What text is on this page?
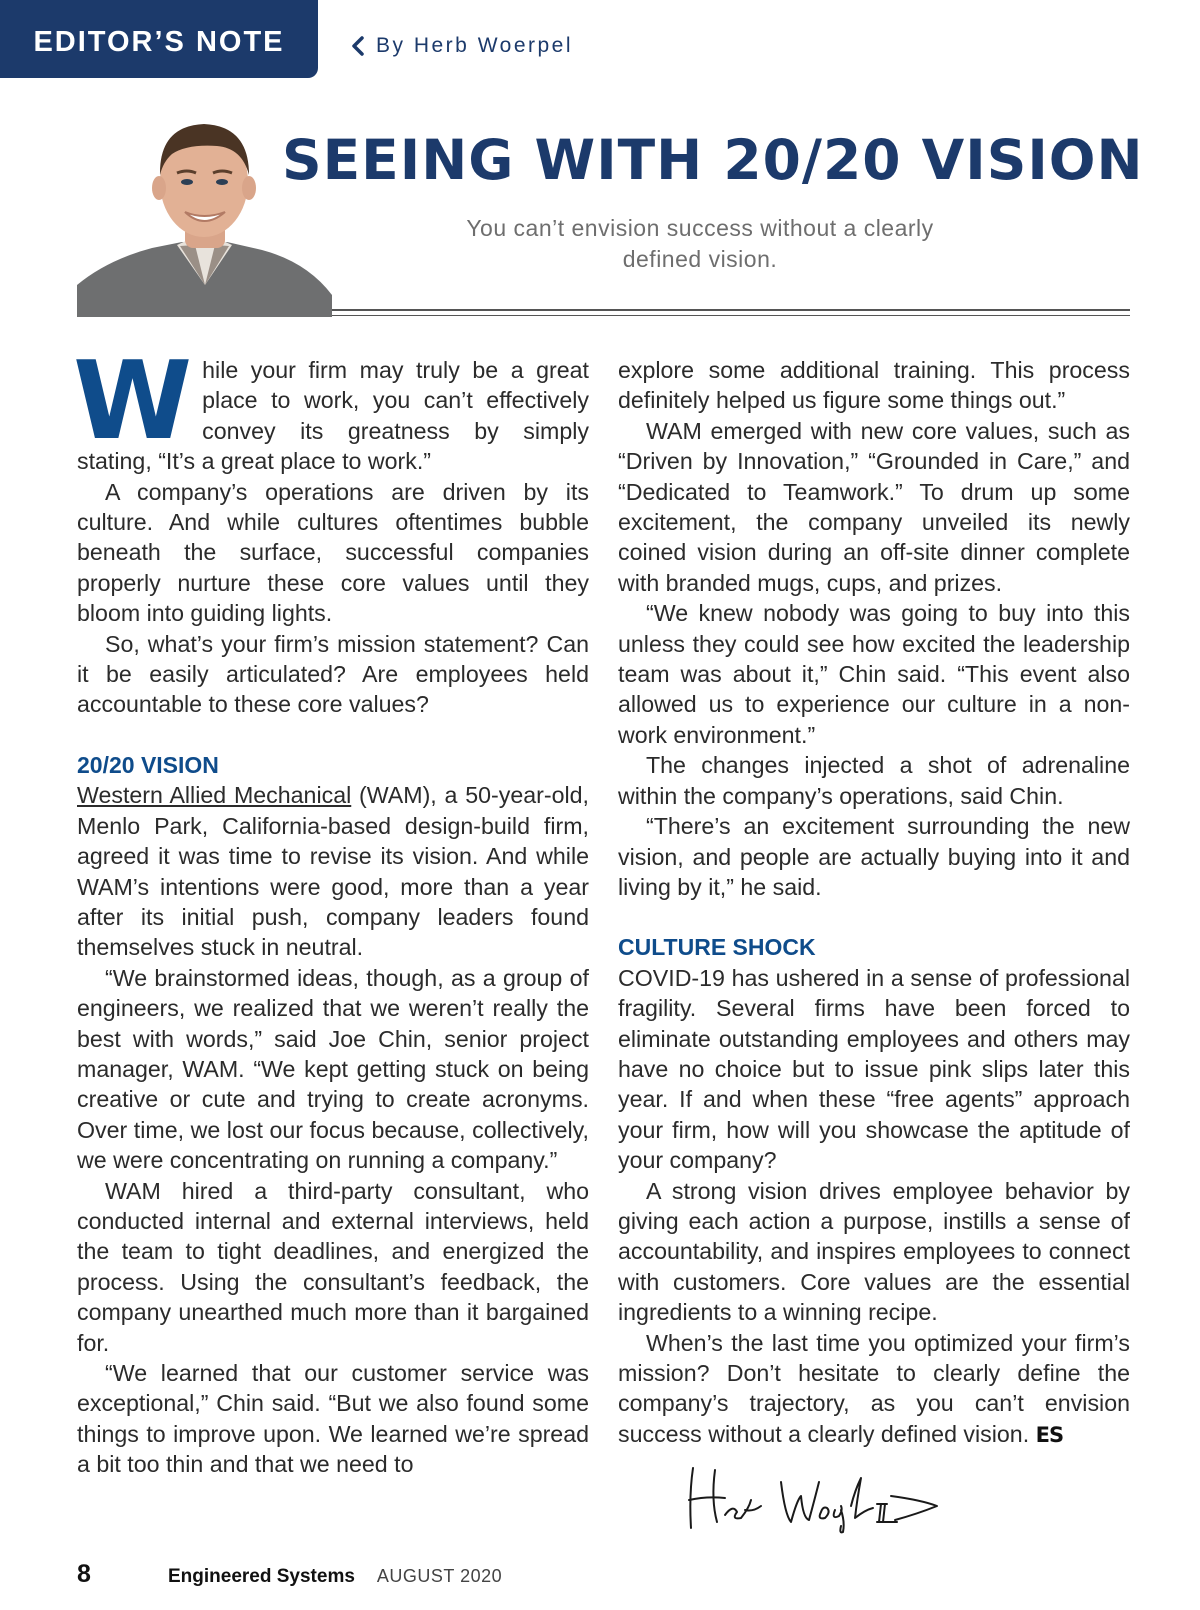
EDITOR’S NOTE	By Herb Woerpel
SEEING WITH 20/20 VISION
You can’t envision success without a clearly defined vision.

While your firm may truly be a great place to work, you can’t effectively convey its greatness by simply stating, “It’s a great place to work.”

A company’s operations are driven by its culture. And while cultures oftentimes bubble beneath the surface, successful companies properly nurture these core values until they bloom into guiding lights.

So, what’s your firm’s mission statement? Can it be easily articulated? Are employees held accountable to these core values?

20/20 VISION

Western Allied Mechanical (WAM), a 50-year-old, Menlo Park, California-based design-build firm, agreed it was time to revise its vision. And while WAM’s intentions were good, more than a year after its initial push, company leaders found themselves stuck in neutral.

“We brainstormed ideas, though, as a group of engineers, we realized that we weren’t really the best with words,” said Joe Chin, senior project manager, WAM. “We kept getting stuck on being creative or cute and trying to create acronyms. Over time, we lost our focus because, collectively, we were concentrating on running a company.”

WAM hired a third-party consultant, who conducted internal and external interviews, held the team to tight deadlines, and energized the process. Using the consultant’s feedback, the company unearthed much more than it bargained for.

“We learned that our customer service was exceptional,” Chin said. “But we also found some things to improve upon. We learned we’re spread a bit too thin and that we need to

explore some additional training. This process definitely helped us figure some things out.”

WAM emerged with new core values, such as “Driven by Innovation,” “Grounded in Care,” and “Dedicated to Teamwork.” To drum up some excitement, the company unveiled its newly coined vision during an off-site dinner complete with branded mugs, cups, and prizes.

“We knew nobody was going to buy into this unless they could see how excited the leadership team was about it,” Chin said. “This event also allowed us to experience our culture in a non-work environment.”

The changes injected a shot of adrenaline within the company’s operations, said Chin.

“There’s an excitement surrounding the new vision, and people are actually buying into it and living by it,” he said.

CULTURE SHOCK

COVID-19 has ushered in a sense of professional fragility. Several firms have been forced to eliminate outstanding employees and others may have no choice but to issue pink slips later this year. If and when these “free agents” approach your firm, how will you showcase the aptitude of your company?

A strong vision drives employee behavior by giving each action a purpose, instills a sense of accountability, and inspires employees to connect with customers. Core values are the essential ingredients to a winning recipe.

When’s the last time you optimized your firm’s mission? Don’t hesitate to clearly define the company’s trajectory, as you can’t envision success without a clearly defined vision. ES

8	Engineered Systems AUGUST 2020
